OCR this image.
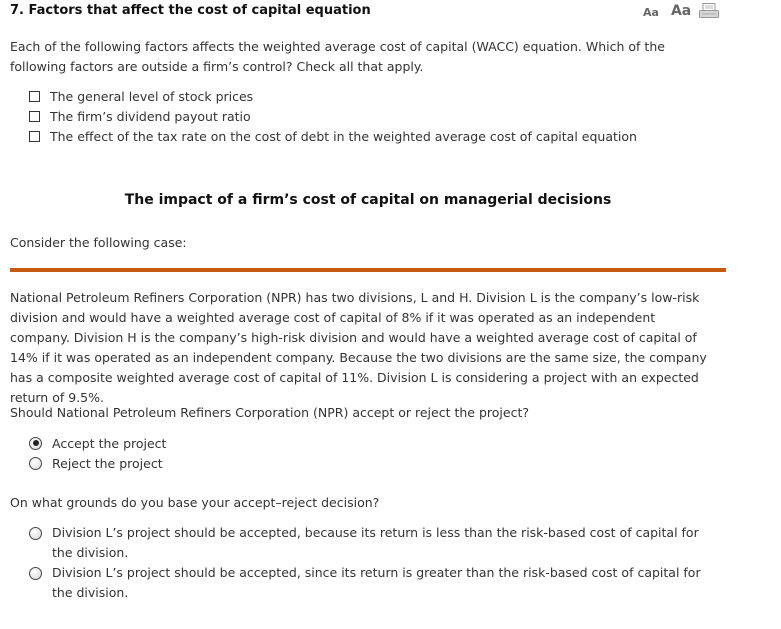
7. Factors that affect the cost of capital equation	Aa Aa

Each of the following factors affects the weighted average cost of capital (WACC) equation. Which of the following factors are outside a firm’s control? Check all that apply.

The general level of stock prices
The firm’s dividend payout ratio
The effect of the tax rate on the cost of debt in the weighted average cost of capital equation
The impact of a firm’s cost of capital on managerial decisions

Consider the following case:

National Petroleum Refiners Corporation (NPR) has two divisions, L and H. Division L is the company’s low-risk division and would have a weighted average cost of capital of 8% if it was operated as an independent company. Division H is the company’s high-risk division and would have a weighted average cost of capital of 14% if it was operated as an independent company. Because the two divisions are the same size, the company has a composite weighted average cost of capital of 11%. Division L is considering a project with an expected return of 9.5%.

Should National Petroleum Refiners Corporation (NPR) accept or reject the project?

Accept the project
Reject the project

On what grounds do you base your accept–reject decision?

Division L’s project should be accepted, because its return is less than the risk-based cost of capital for the division.
Division L’s project should be accepted, since its return is greater than the risk-based cost of capital for the division.
